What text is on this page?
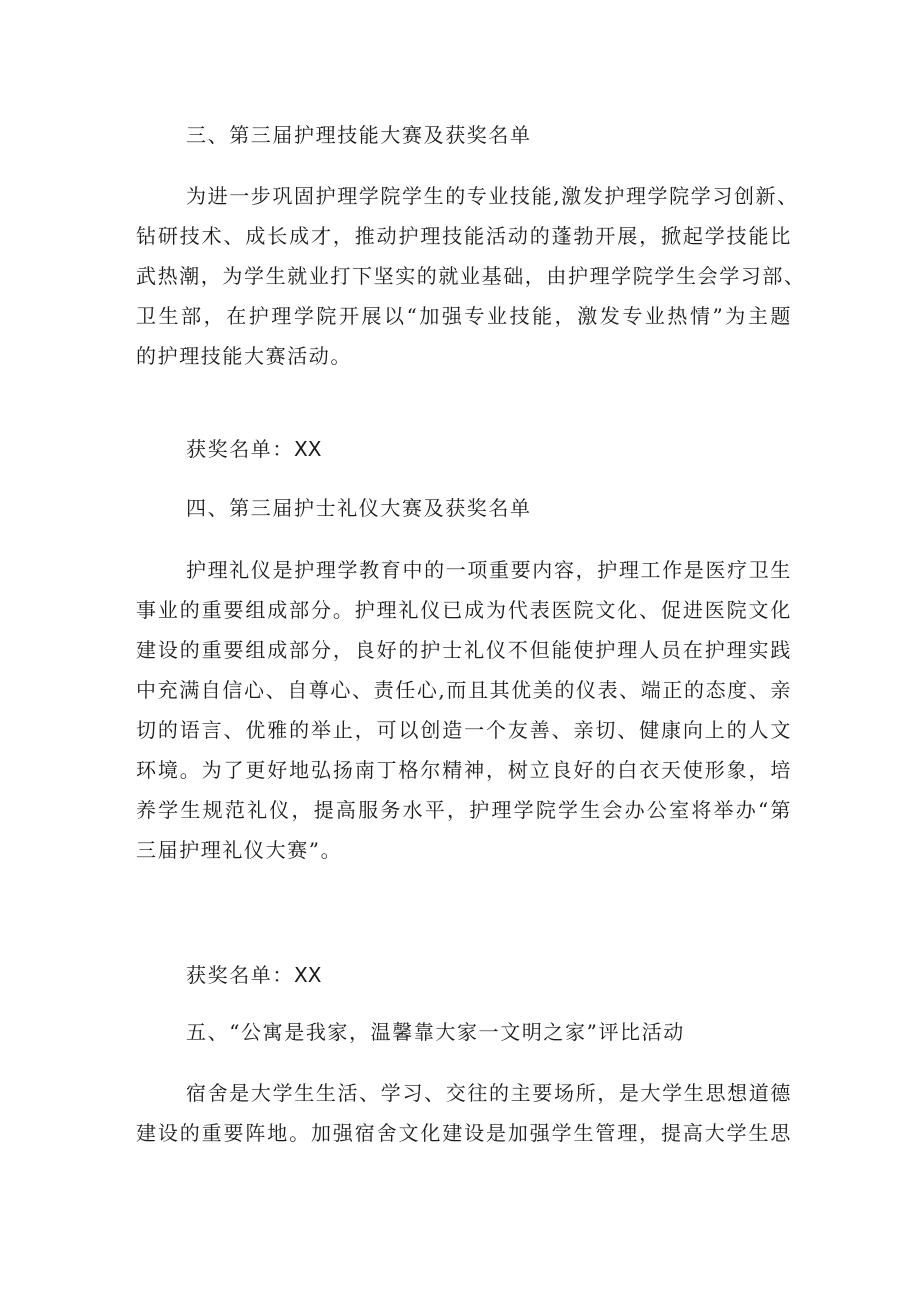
三、第三届护理技能大赛及获奖名单
为进一步巩固护理学院学生的专业技能,激发护理学院学习创新、
钻研技术、成长成才，推动护理技能活动的蓬勃开展，掀起学技能比
武热潮，为学生就业打下坚实的就业基础，由护理学院学生会学习部、
卫生部，在护理学院开展以“加强专业技能，激发专业热情”为主题
的护理技能大赛活动。
获奖名单：XX
四、第三届护士礼仪大赛及获奖名单
护理礼仪是护理学教育中的一项重要内容，护理工作是医疗卫生
事业的重要组成部分。护理礼仪已成为代表医院文化、促进医院文化
建设的重要组成部分，良好的护士礼仪不但能使护理人员在护理实践
中充满自信心、自尊心、责任心,而且其优美的仪表、端正的态度、亲
切的语言、优雅的举止，可以创造一个友善、亲切、健康向上的人文
环境。为了更好地弘扬南丁格尔精神，树立良好的白衣天使形象，培
养学生规范礼仪，提高服务水平，护理学院学生会办公室将举办“第
三届护理礼仪大赛”。
获奖名单：XX
五、“公寓是我家，温馨靠大家一文明之家”评比活动
宿舍是大学生生活、学习、交往的主要场所，是大学生思想道德
建设的重要阵地。加强宿舍文化建设是加强学生管理，提高大学生思
